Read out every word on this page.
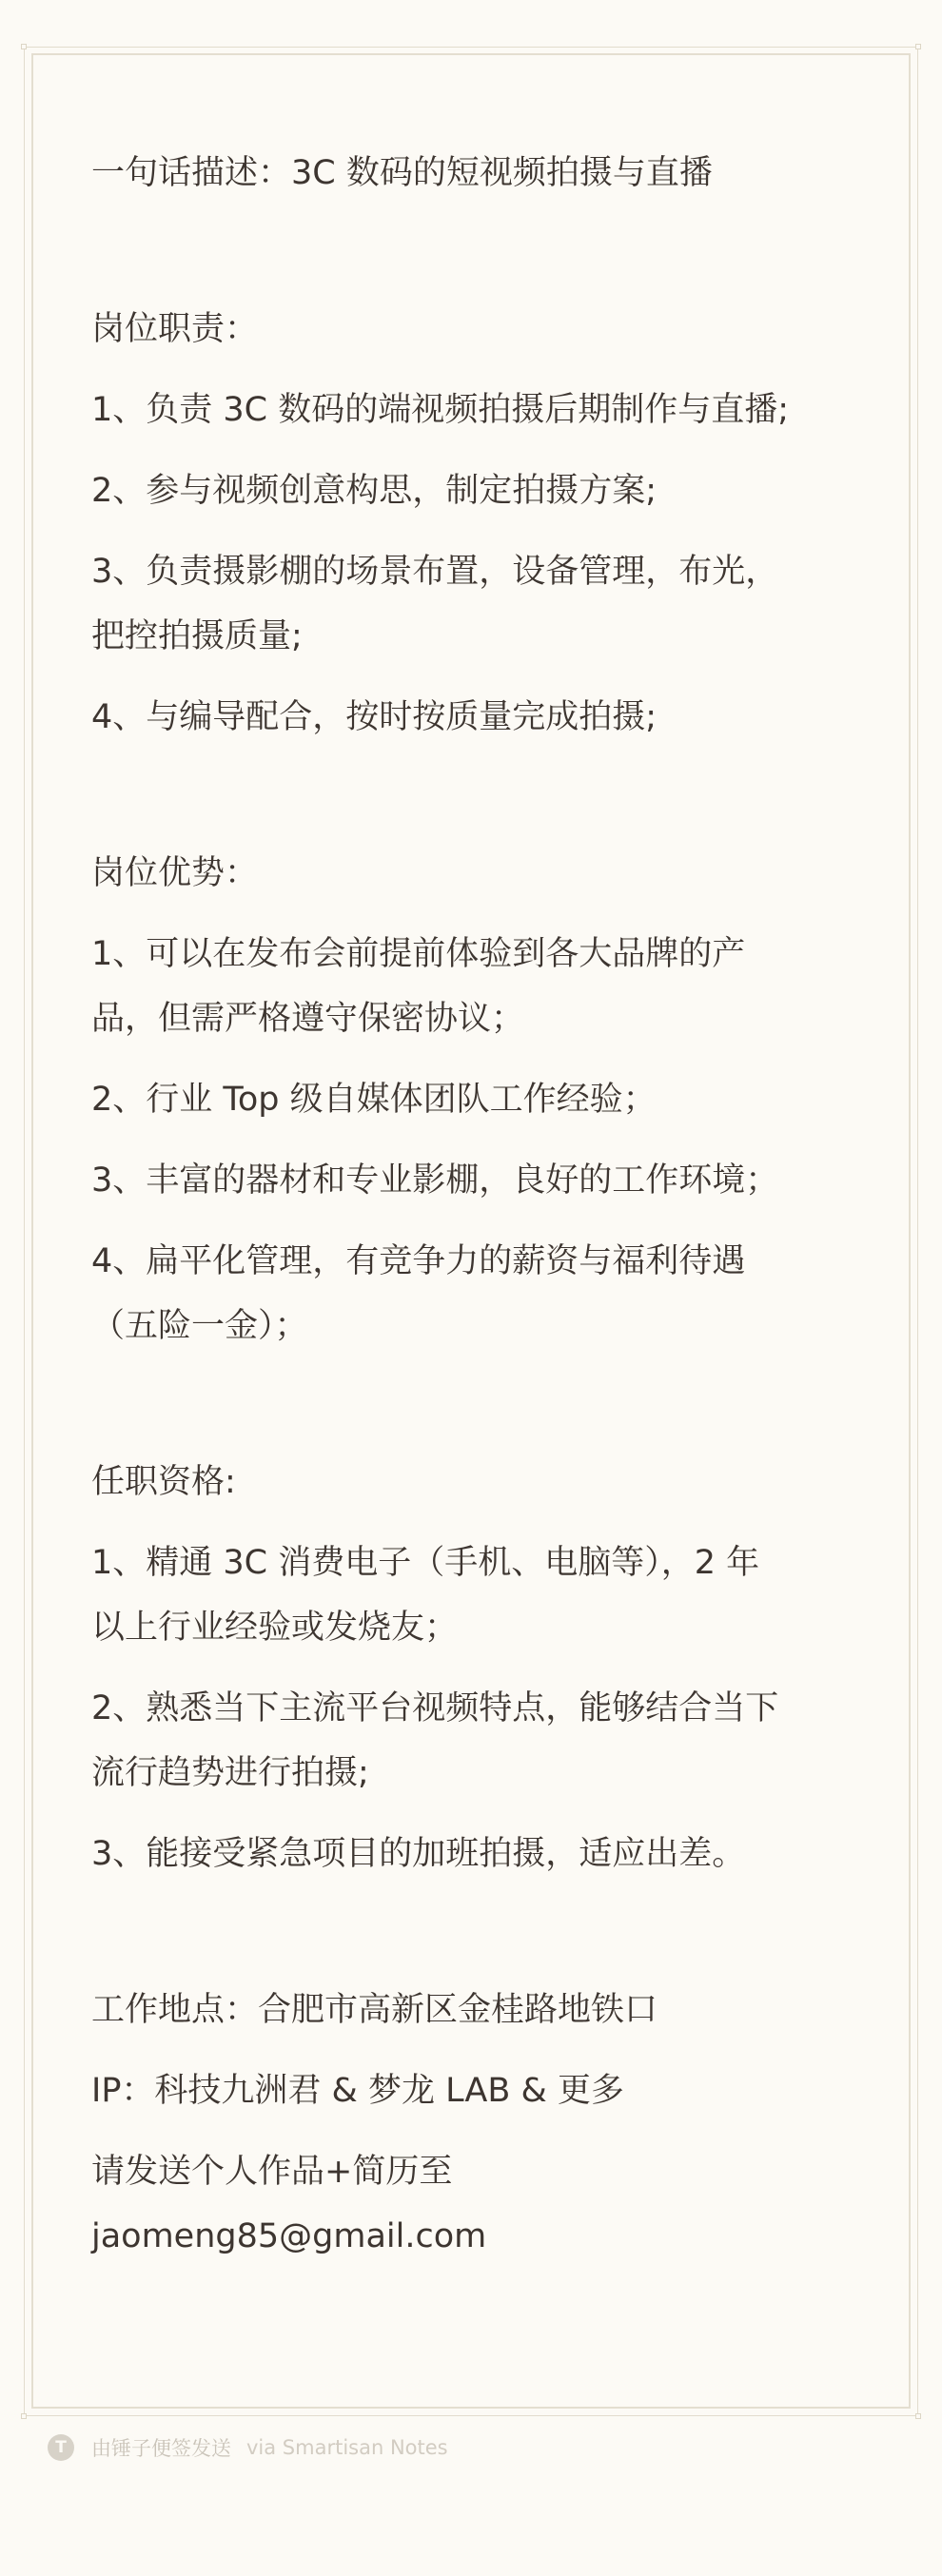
一句话描述：3C 数码的短视频拍摄与直播

岗位职责：

1、负责 3C 数码的端视频拍摄后期制作与直播;

2、参与视频创意构思，制定拍摄方案;

3、负责摄影棚的场景布置，设备管理，布光，

把控拍摄质量;

4、与编导配合，按时按质量完成拍摄;

岗位优势：

1、可以在发布会前提前体验到各大品牌的产

品，但需严格遵守保密协议；

2、行业 Top 级自媒体团队工作经验；

3、丰富的器材和专业影棚，良好的工作环境；

4、扁平化管理，有竞争力的薪资与福利待遇

（五险一金）；

任职资格:

1、精通 3C 消费电子（手机、电脑等），2 年

以上行业经验或发烧友；

2、熟悉当下主流平台视频特点，能够结合当下

流行趋势进行拍摄;

3、能接受紧急项目的加班拍摄，适应出差。

工作地点：合肥市高新区金桂路地铁口

IP：科技九洲君 & 梦龙 LAB & 更多

请发送个人作品+简历至

jaomeng85@gmail.com

T	由锤子便签发送 via Smartisan Notes
